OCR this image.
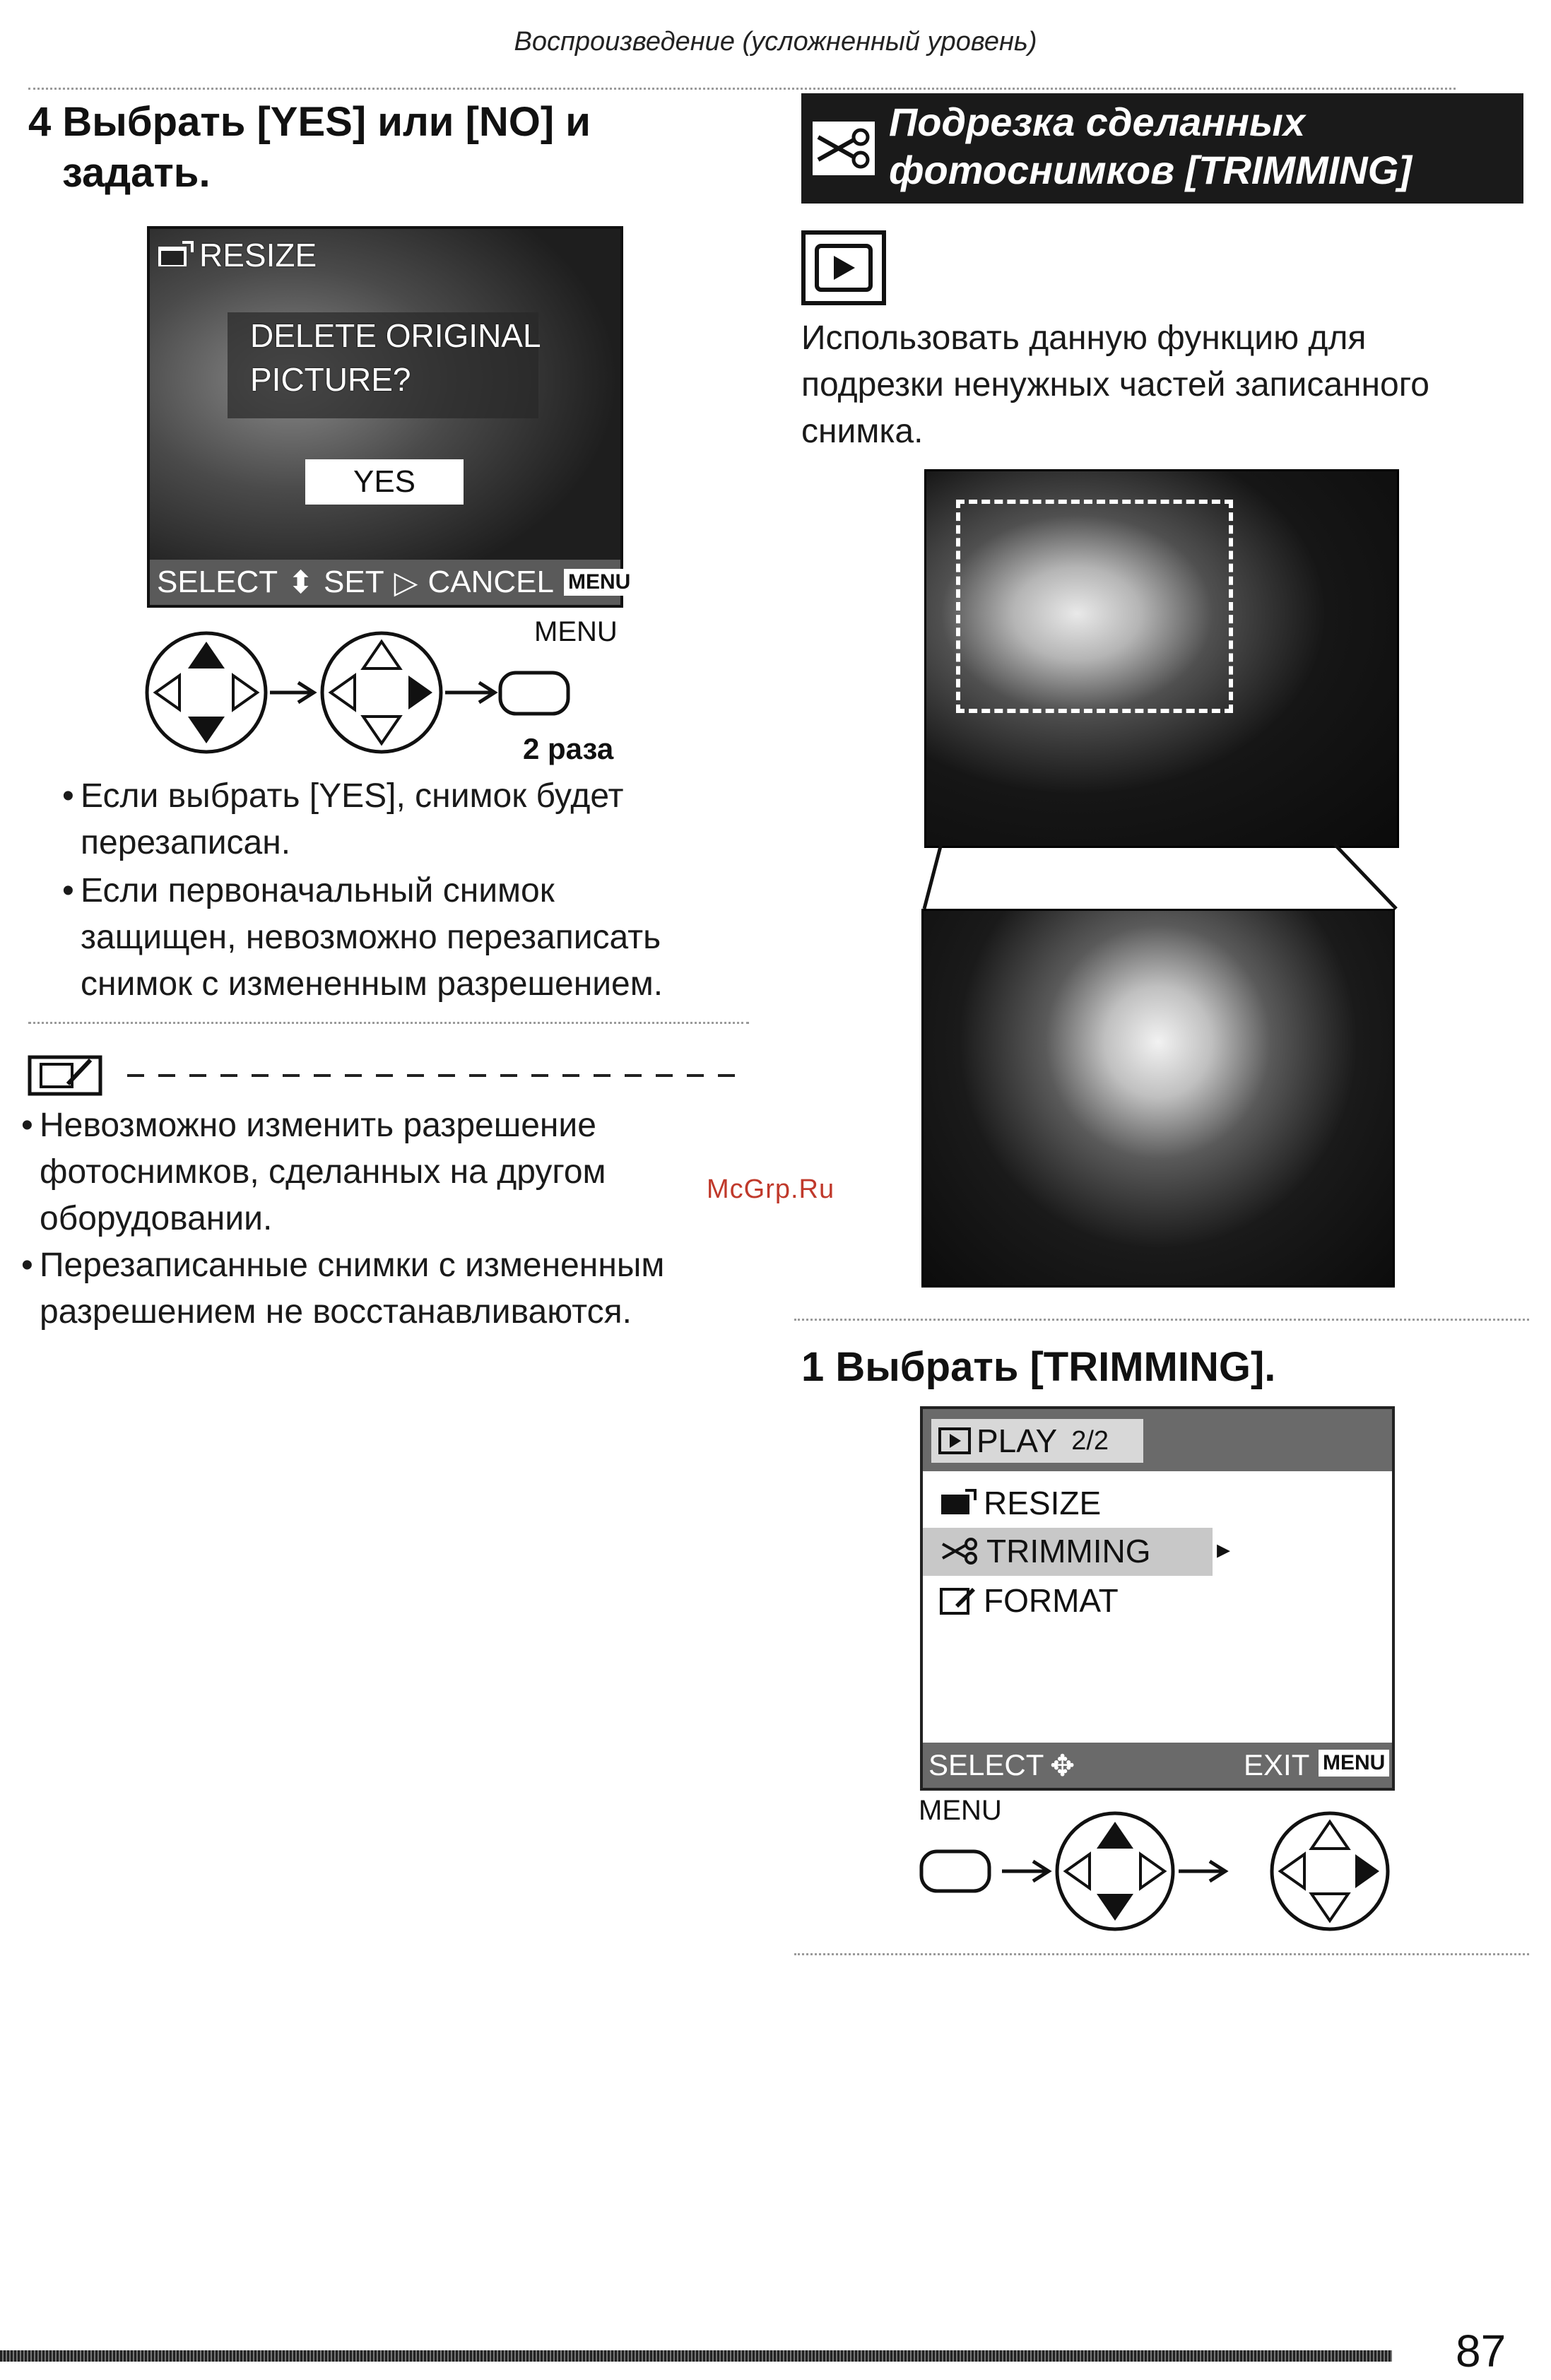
Воспроизведение (усложненный уровень)
4 Выбрать [YES] или [NO] и
задать.
RESIZE
DELETE ORIGINAL
PICTURE?
YES
SELECT ⬍ SET ▷ CANCEL MENU
MENU
2 раза
• Если выбрать [YES], снимок будет
перезаписан.
• Если первоначальный снимок
защищен, невозможно перезаписать
снимок с измененным разрешением.
• Невозможно изменить разрешение
фотоснимков, сделанных на другом
оборудовании.
• Перезаписанные снимки с измененным
разрешением не восстанавливаются.
McGrp.Ru
Подрезка сделанных
фотоснимков [TRIMMING]
Использовать данную функцию для
подрезки ненужных частей записанного
снимка.
1 Выбрать [TRIMMING].
PLAY 2/2
RESIZE
TRIMMING ▸
FORMAT
SELECT ✥	EXIT MENU
MENU
87
